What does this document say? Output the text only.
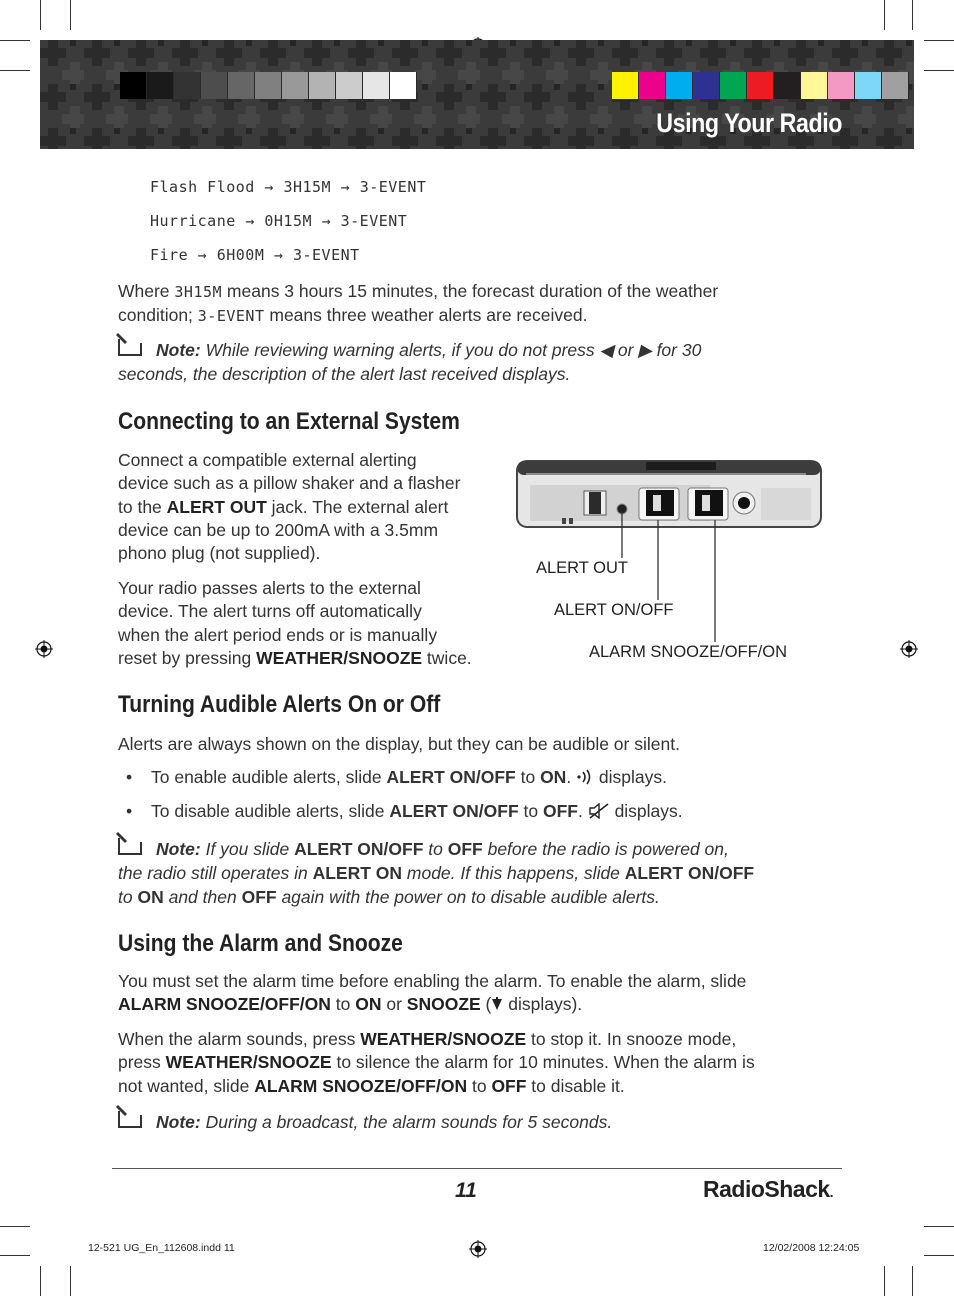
Using Your Radio
Flash Flood → 3H15M → 3-EVENT
Hurricane → 0H15M → 3-EVENT
Fire → 6H00M → 3-EVENT
Where 3H15M means 3 hours 15 minutes, the forecast duration of the weather
condition; 3-EVENT means three weather alerts are received.
Note: While reviewing warning alerts, if you do not press ◀ or ▶ for 30
seconds, the description of the alert last received displays.
Connecting to an External System
Connect a compatible external alerting
device such as a pillow shaker and a flasher
to the ALERT OUT jack. The external alert
device can be up to 200mA with a 3.5mm
phono plug (not supplied).
Your radio passes alerts to the external
device. The alert turns off automatically
when the alert period ends or is manually
reset by pressing WEATHER/SNOOZE twice.
ALERT OUT
ALERT ON/OFF
ALARM SNOOZE/OFF/ON
Turning Audible Alerts On or Off
Alerts are always shown on the display, but they can be audible or silent.
• To enable audible alerts, slide ALERT ON/OFF to ON.  displays.
• To disable audible alerts, slide ALERT ON/OFF to OFF.  displays.
Note: If you slide ALERT ON/OFF to OFF before the radio is powered on,
the radio still operates in ALERT ON mode. If this happens, slide ALERT ON/OFF
to ON and then OFF again with the power on to disable audible alerts.
Using the Alarm and Snooze
You must set the alarm time before enabling the alarm. To enable the alarm, slide
ALARM SNOOZE/OFF/ON to ON or SNOOZE ( displays).
When the alarm sounds, press WEATHER/SNOOZE to stop it. In snooze mode,
press WEATHER/SNOOZE to silence the alarm for 10 minutes. When the alarm is
not wanted, slide ALARM SNOOZE/OFF/ON to OFF to disable it.
Note: During a broadcast, the alarm sounds for 5 seconds.
11	RadioShack.
12-521 UG_En_112608.indd 11	12/02/2008 12:24:05
